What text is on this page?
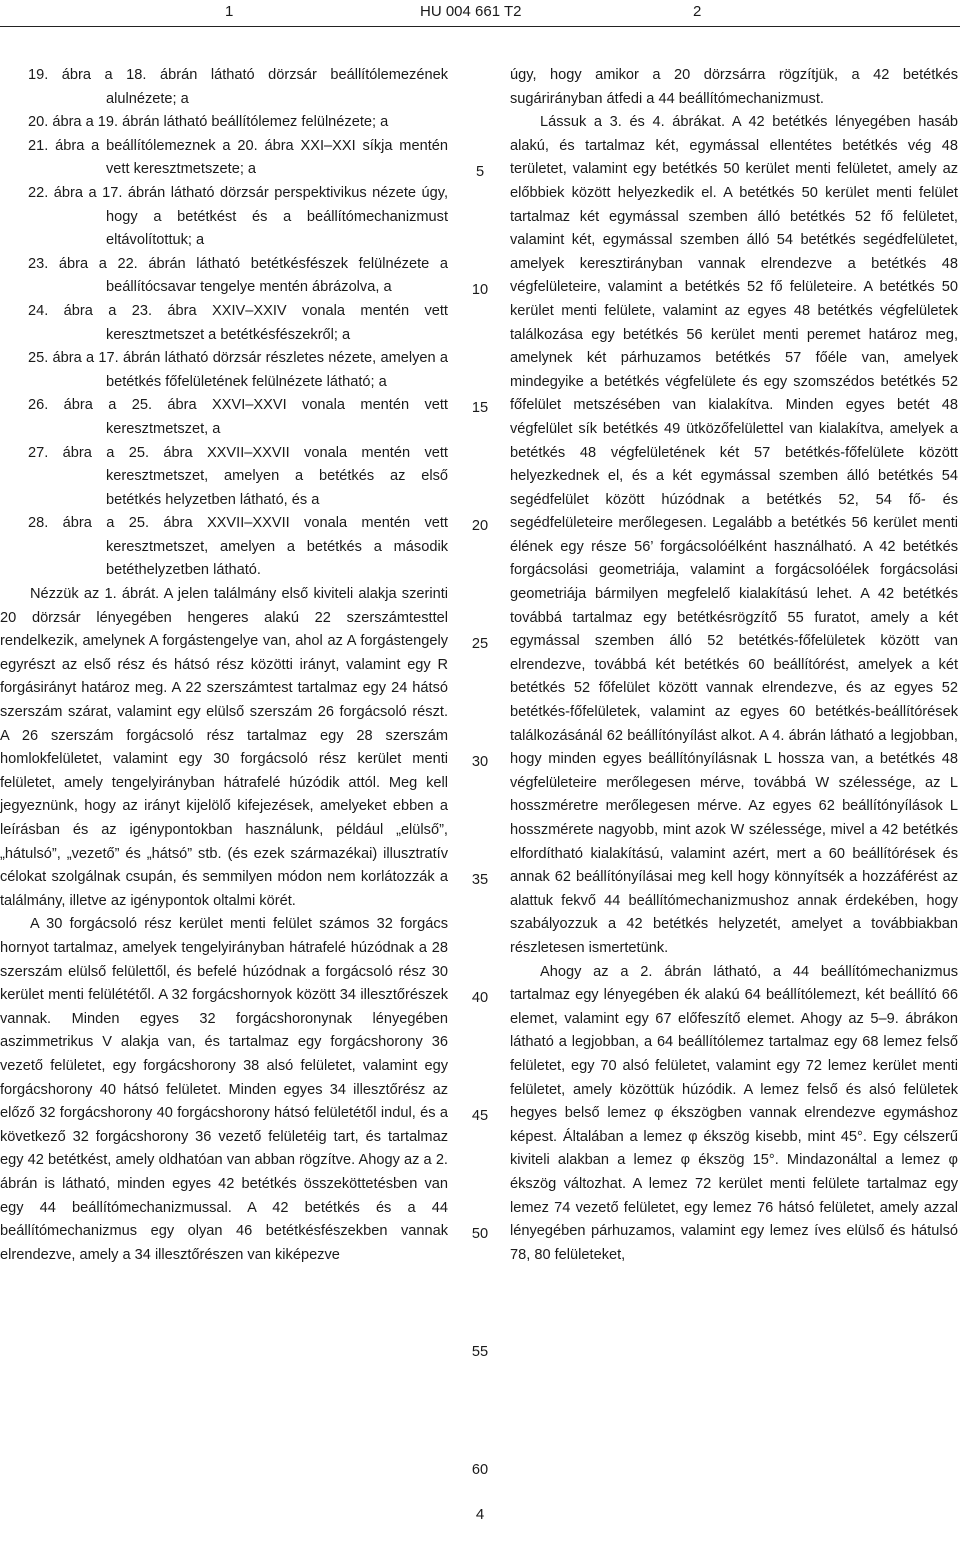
1	HU 004 661 T2	2

19. ábra a 18. ábrán látható dörzsár beállítólemezének alulnézete; a

20. ábra a 19. ábrán látható beállítólemez felülnézete; a

21. ábra a beállítólemeznek a 20. ábra XXI–XXI síkja mentén vett keresztmetszete; a

22. ábra a 17. ábrán látható dörzsár perspektivikus nézete úgy, hogy a betétkést és a beállítómechanizmust eltávolítottuk; a

23. ábra a 22. ábrán látható betétkésfészek felülnézete a beállítócsavar tengelye mentén ábrázolva, a

24. ábra a 23. ábra XXIV–XXIV vonala mentén vett keresztmetszet a betétkésfészekről; a

25. ábra a 17. ábrán látható dörzsár részletes nézete, amelyen a betétkés főfelületének felülnézete látható; a

26. ábra a 25. ábra XXVI–XXVI vonala mentén vett keresztmetszet, a

27. ábra a 25. ábra XXVII–XXVII vonala mentén vett keresztmetszet, amelyen a betétkés az első betétkés helyzetben látható, és a

28. ábra a 25. ábra XXVII–XXVII vonala mentén vett keresztmetszet, amelyen a betétkés a második betéthelyzetben látható.

Nézzük az 1. ábrát. A jelen találmány első kiviteli alakja szerinti 20 dörzsár lényegében hengeres alakú 22 szerszámtesttel rendelkezik, amelynek A forgástengelye van, ahol az A forgástengely egyrészt az első rész és hátsó rész közötti irányt, valamint egy R forgásirányt határoz meg. A 22 szerszámtest tartalmaz egy 24 hátsó szerszám szárat, valamint egy elülső szerszám 26 forgácsoló részt. A 26 szerszám forgácsoló rész tartalmaz egy 28 szerszám homlokfelületet, valamint egy 30 forgácsoló rész kerület menti felületet, amely tengelyirányban hátrafelé húzódik attól. Meg kell jegyeznünk, hogy az irányt kijelölő kifejezések, amelyeket ebben a leírásban és az igénypontokban használunk, például „elülső”, „hátulsó”, „vezető” és „hátsó” stb. (és ezek származékai) illusztratív célokat szolgálnak csupán, és semmilyen módon nem korlátozzák a találmány, illetve az igénypontok oltalmi körét.

A 30 forgácsoló rész kerület menti felület számos 32 forgács hornyot tartalmaz, amelyek tengelyirányban hátrafelé húzódnak a 28 szerszám elülső felülettől, és befelé húzódnak a forgácsoló rész 30 kerület menti felülététől. A 32 forgácshornyok között 34 illesztőrészek vannak. Minden egyes 32 forgácshoronynak lényegében aszimmetrikus V alakja van, és tartalmaz egy forgácshorony 36 vezető felületet, egy forgácshorony 38 alsó felületet, valamint egy forgácshorony 40 hátsó felületet. Minden egyes 34 illesztőrész az előző 32 forgácshorony 40 forgácshorony hátsó felületétől indul, és a következő 32 forgácshorony 36 vezető felületéig tart, és tartalmaz egy 42 betétkést, amely oldhatóan van abban rögzítve. Ahogy az a 2. ábrán is látható, minden egyes 42 betétkés összeköttetésben van egy 44 beállítómechanizmussal. A 42 betétkés és a 44 beállítómechanizmus egy olyan 46 betétkésfészekben vannak elrendezve, amely a 34 illesztőrészen van kiképezve

úgy, hogy amikor a 20 dörzsárra rögzítjük, a 42 betétkés sugárirányban átfedi a 44 beállítómechanizmust.

Lássuk a 3. és 4. ábrákat. A 42 betétkés lényegében hasáb alakú, és tartalmaz két, egymással ellentétes betétkés vég 48 területet, valamint egy betétkés 50 kerület menti felületet, amely az előbbiek között helyezkedik el. A betétkés 50 kerület menti felület tartalmaz két egymással szemben álló betétkés 52 fő felületet, valamint két, egymással szemben álló 54 betétkés segédfelületet, amelyek keresztirányban vannak elrendezve a betétkés 48 végfelületeire, valamint a betétkés 52 fő felületeire. A betétkés 50 kerület menti felülete, valamint az egyes 48 betétkés végfelületek találkozása egy betétkés 56 kerület menti peremet határoz meg, amelynek két párhuzamos betétkés 57 főéle van, amelyek mindegyike a betétkés végfelülete és egy szomszédos betétkés 52 főfelület metszésében van kialakítva. Minden egyes betét 48 végfelület sík betétkés 49 ütközőfelülettel van kialakítva, amelyek a betétkés 48 végfelületének két 57 betétkés-főfelülete között helyezkednek el, és a két egymással szemben álló betétkés 54 segédfelület között húzódnak a betétkés 52, 54 fő- és segédfelületeire merőlegesen. Legalább a betétkés 56 kerület menti élének egy része 56’ forgácsolóélként használható. A 42 betétkés forgácsolási geometriája, valamint a forgácsolóélek forgácsolási geometriája bármilyen megfelelő kialakítású lehet. A 42 betétkés továbbá tartalmaz egy betétkésrögzítő 55 furatot, amely a két egymással szemben álló 52 betétkés-főfelületek között van elrendezve, továbbá két betétkés 60 beállítórést, amelyek a két betétkés 52 főfelület között vannak elrendezve, és az egyes 52 betétkés-főfelületek, valamint az egyes 60 betétkés-beállítórések találkozásánál 62 beállítónyílást alkot. A 4. ábrán látható a legjobban, hogy minden egyes beállítónyílásnak L hossza van, a betétkés 48 végfelületeire merőlegesen mérve, továbbá W szélessége, az L hosszméretre merőlegesen mérve. Az egyes 62 beállítónyílások L hosszmérete nagyobb, mint azok W szélessége, mivel a 42 betétkés elfordítható kialakítású, valamint azért, mert a 60 beállítórések és annak 62 beállítónyílásai meg kell hogy könnyítsék a hozzáférést az alattuk fekvő 44 beállítómechanizmushoz annak érdekében, hogy szabályozzuk a 42 betétkés helyzetét, amelyet a továbbiakban részletesen ismertetünk.

Ahogy az a 2. ábrán látható, a 44 beállítómechanizmus tartalmaz egy lényegében ék alakú 64 beállítólemezt, két beállító 66 elemet, valamint egy 67 előfeszítő elemet. Ahogy az 5–9. ábrákon látható a legjobban, a 64 beállítólemez tartalmaz egy 68 lemez felső felületet, egy 70 alsó felületet, valamint egy 72 lemez kerület menti felületet, amely közöttük húzódik. A lemez felső és alsó felületek hegyes belső lemez φ ékszögben vannak elrendezve egymáshoz képest. Általában a lemez φ ékszög kisebb, mint 45°. Egy célszerű kiviteli alakban a lemez φ ékszög 15°. Mindazonáltal a lemez φ ékszög változhat. A lemez 72 kerület menti felülete tartalmaz egy lemez 74 vezető felületet, egy lemez 76 hátsó felületet, amely azzal lényegében párhuzamos, valamint egy lemez íves elülső és hátulsó 78, 80 felületeket,

5
10
15
20
25
30
35
40
45
50
55
60
4
